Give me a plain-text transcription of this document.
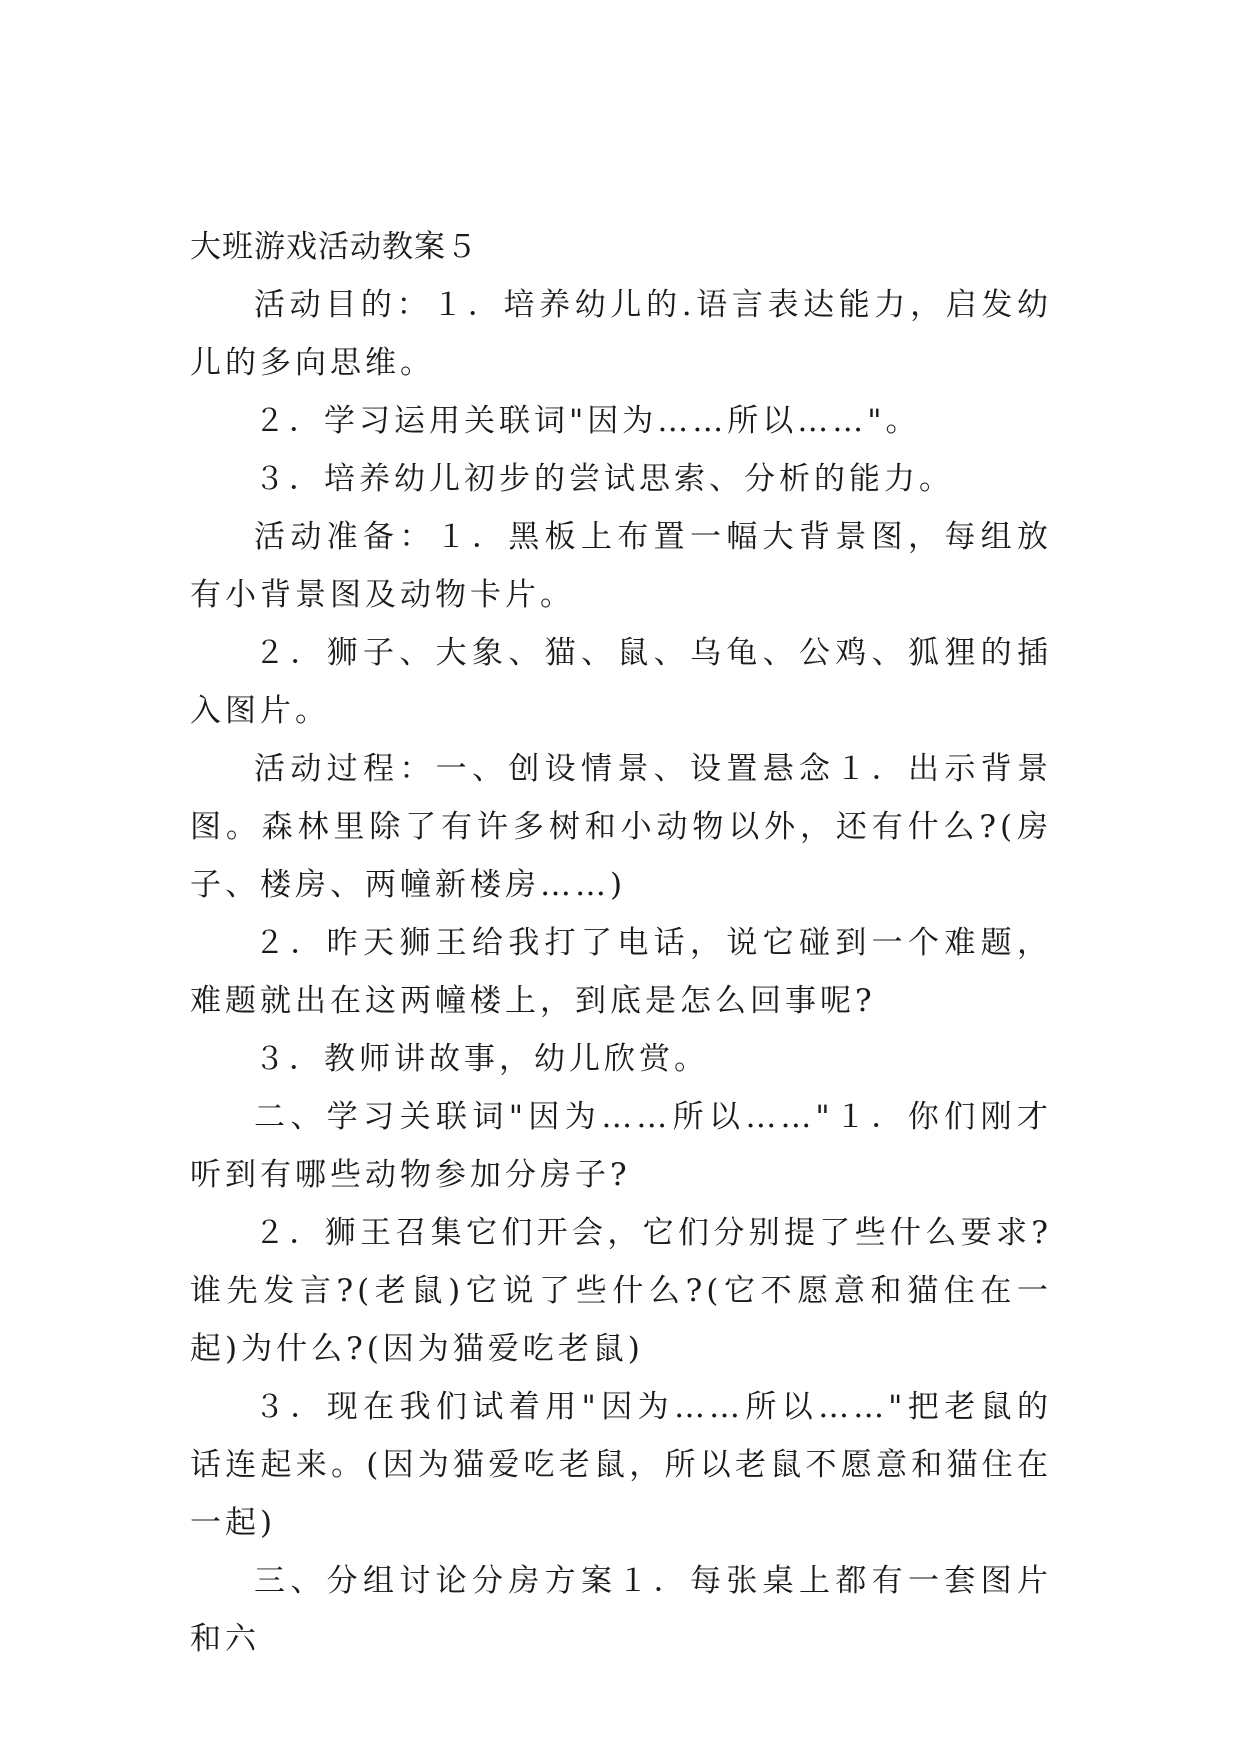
大班游戏活动教案５

活动目的：１．培养幼儿的.语言表达能力，启发幼儿的多向思维。

２．学习运用关联词"因为……所以……"。

３．培养幼儿初步的尝试思索、分析的能力。

活动准备：１．黑板上布置一幅大背景图，每组放有小背景图及动物卡片。

２．狮子、大象、猫、鼠、乌龟、公鸡、狐狸的插入图片。

活动过程：一、创设情景、设置悬念１．出示背景图。森林里除了有许多树和小动物以外，还有什么?(房子、楼房、两幢新楼房……)

２．昨天狮王给我打了电话，说它碰到一个难题，难题就出在这两幢楼上，到底是怎么回事呢?

３．教师讲故事，幼儿欣赏。

二、学习关联词"因为……所以……"１．你们刚才听到有哪些动物参加分房子?

２．狮王召集它们开会，它们分别提了些什么要求?谁先发言?(老鼠)它说了些什么?(它不愿意和猫住在一起)为什么?(因为猫爱吃老鼠)

３．现在我们试着用"因为……所以……"把老鼠的话连起来。(因为猫爱吃老鼠，所以老鼠不愿意和猫住在一起)

三、分组讨论分房方案１．每张桌上都有一套图片和六
